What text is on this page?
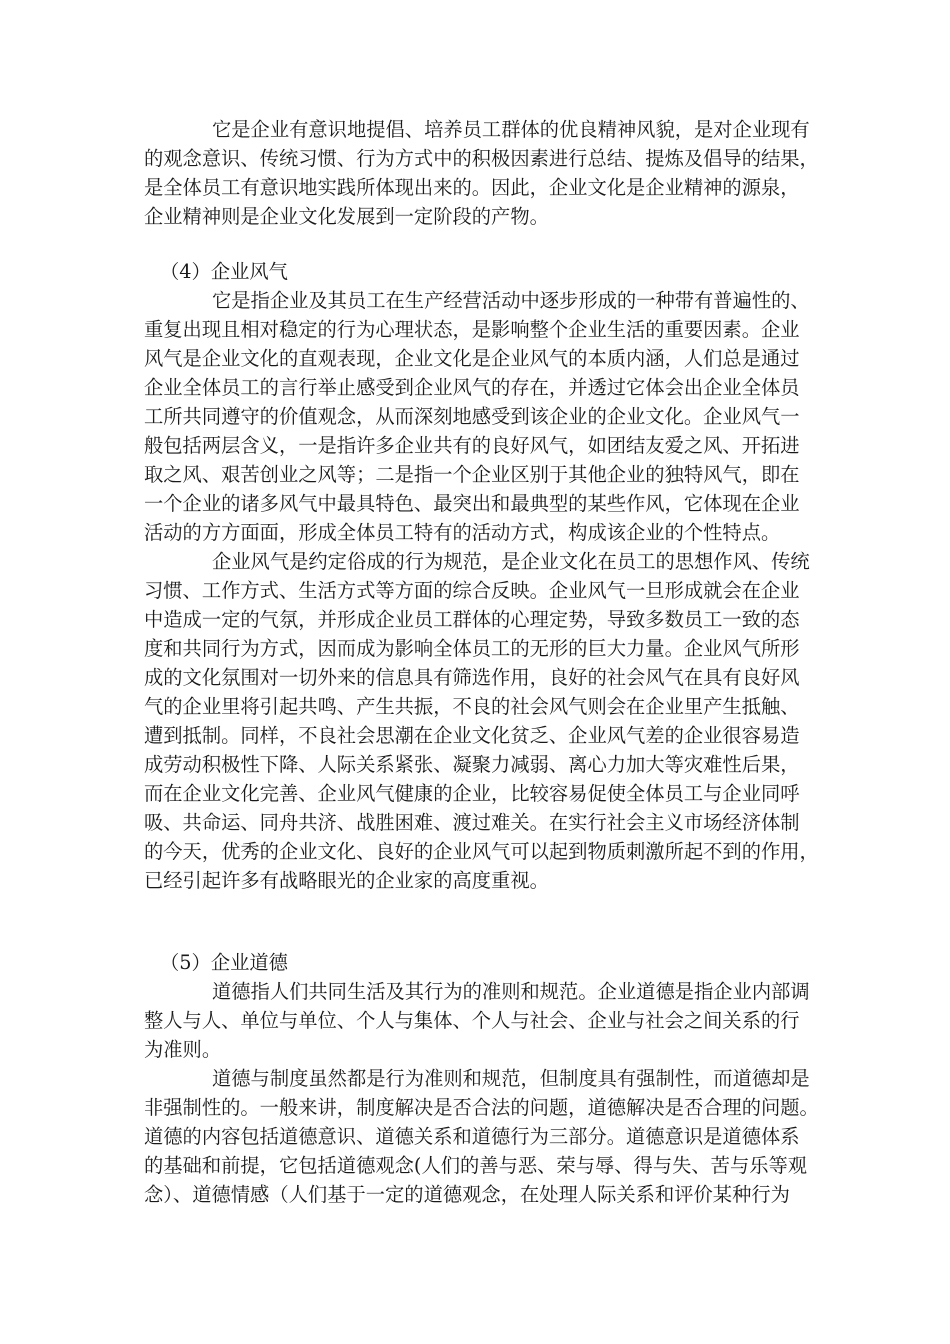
它是企业有意识地提倡、培养员工群体的优良精神风貌，是对企业现有
的观念意识、传统习惯、行为方式中的积极因素进行总结、提炼及倡导的结果，
是全体员工有意识地实践所体现出来的。因此，企业文化是企业精神的源泉，
企业精神则是企业文化发展到一定阶段的产物。
（4）企业风气
它是指企业及其员工在生产经营活动中逐步形成的一种带有普遍性的、
重复出现且相对稳定的行为心理状态，是影响整个企业生活的重要因素。企业
风气是企业文化的直观表现，企业文化是企业风气的本质内涵，人们总是通过
企业全体员工的言行举止感受到企业风气的存在，并透过它体会出企业全体员
工所共同遵守的价值观念，从而深刻地感受到该企业的企业文化。企业风气一
般包括两层含义，一是指许多企业共有的良好风气，如团结友爱之风、开拓进
取之风、艰苦创业之风等；二是指一个企业区别于其他企业的独特风气，即在
一个企业的诸多风气中最具特色、最突出和最典型的某些作风，它体现在企业
活动的方方面面，形成全体员工特有的活动方式，构成该企业的个性特点。
企业风气是约定俗成的行为规范，是企业文化在员工的思想作风、传统
习惯、工作方式、生活方式等方面的综合反映。企业风气一旦形成就会在企业
中造成一定的气氛，并形成企业员工群体的心理定势，导致多数员工一致的态
度和共同行为方式，因而成为影响全体员工的无形的巨大力量。企业风气所形
成的文化氛围对一切外来的信息具有筛选作用，良好的社会风气在具有良好风
气的企业里将引起共鸣、产生共振，不良的社会风气则会在企业里产生抵触、
遭到抵制。同样，不良社会思潮在企业文化贫乏、企业风气差的企业很容易造
成劳动积极性下降、人际关系紧张、凝聚力减弱、离心力加大等灾难性后果，
而在企业文化完善、企业风气健康的企业，比较容易促使全体员工与企业同呼
吸、共命运、同舟共济、战胜困难、渡过难关。在实行社会主义市场经济体制
的今天，优秀的企业文化、良好的企业风气可以起到物质刺激所起不到的作用，
已经引起许多有战略眼光的企业家的高度重视。
（5）企业道德
道德指人们共同生活及其行为的准则和规范。企业道德是指企业内部调
整人与人、单位与单位、个人与集体、个人与社会、企业与社会之间关系的行
为准则。
道德与制度虽然都是行为准则和规范，但制度具有强制性，而道德却是
非强制性的。一般来讲，制度解决是否合法的问题，道德解决是否合理的问题。
道德的内容包括道德意识、道德关系和道德行为三部分。道德意识是道德体系
的基础和前提，它包括道德观念(人们的善与恶、荣与辱、得与失、苦与乐等观
念）、道德情感（人们基于一定的道德观念，在处理人际关系和评价某种行为
